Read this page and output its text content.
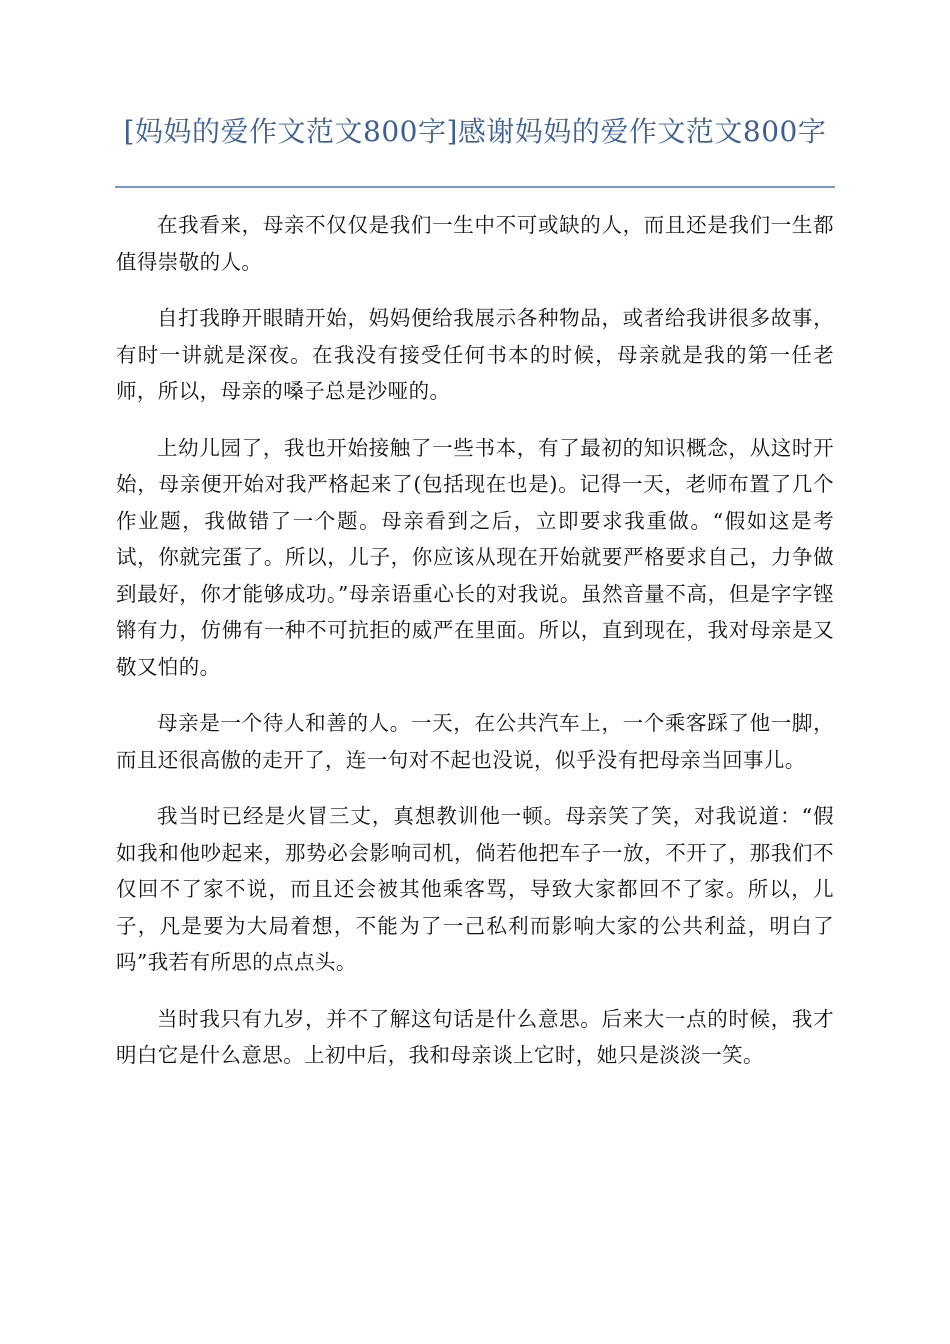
[妈妈的爱作文范文800字]感谢妈妈的爱作文范文800字

在我看来，母亲不仅仅是我们一生中不可或缺的人，而且还是我们一生都值得崇敬的人。

自打我睁开眼睛开始，妈妈便给我展示各种物品，或者给我讲很多故事，有时一讲就是深夜。在我没有接受任何书本的时候，母亲就是我的第一任老师，所以，母亲的嗓子总是沙哑的。

上幼儿园了，我也开始接触了一些书本，有了最初的知识概念，从这时开始，母亲便开始对我严格起来了(包括现在也是)。记得一天，老师布置了几个作业题，我做错了一个题。母亲看到之后，立即要求我重做。“假如这是考试，你就完蛋了。所以，儿子，你应该从现在开始就要严格要求自己，力争做到最好，你才能够成功。”母亲语重心长的对我说。虽然音量不高，但是字字铿锵有力，仿佛有一种不可抗拒的威严在里面。所以，直到现在，我对母亲是又敬又怕的。

母亲是一个待人和善的人。一天，在公共汽车上，一个乘客踩了他一脚，而且还很高傲的走开了，连一句对不起也没说，似乎没有把母亲当回事儿。

我当时已经是火冒三丈，真想教训他一顿。母亲笑了笑，对我说道：“假如我和他吵起来，那势必会影响司机，倘若他把车子一放，不开了，那我们不仅回不了家不说，而且还会被其他乘客骂，导致大家都回不了家。所以，儿子，凡是要为大局着想，不能为了一己私利而影响大家的公共利益，明白了吗”我若有所思的点点头。

当时我只有九岁，并不了解这句话是什么意思。后来大一点的时候，我才明白它是什么意思。上初中后，我和母亲谈上它时，她只是淡淡一笑。
